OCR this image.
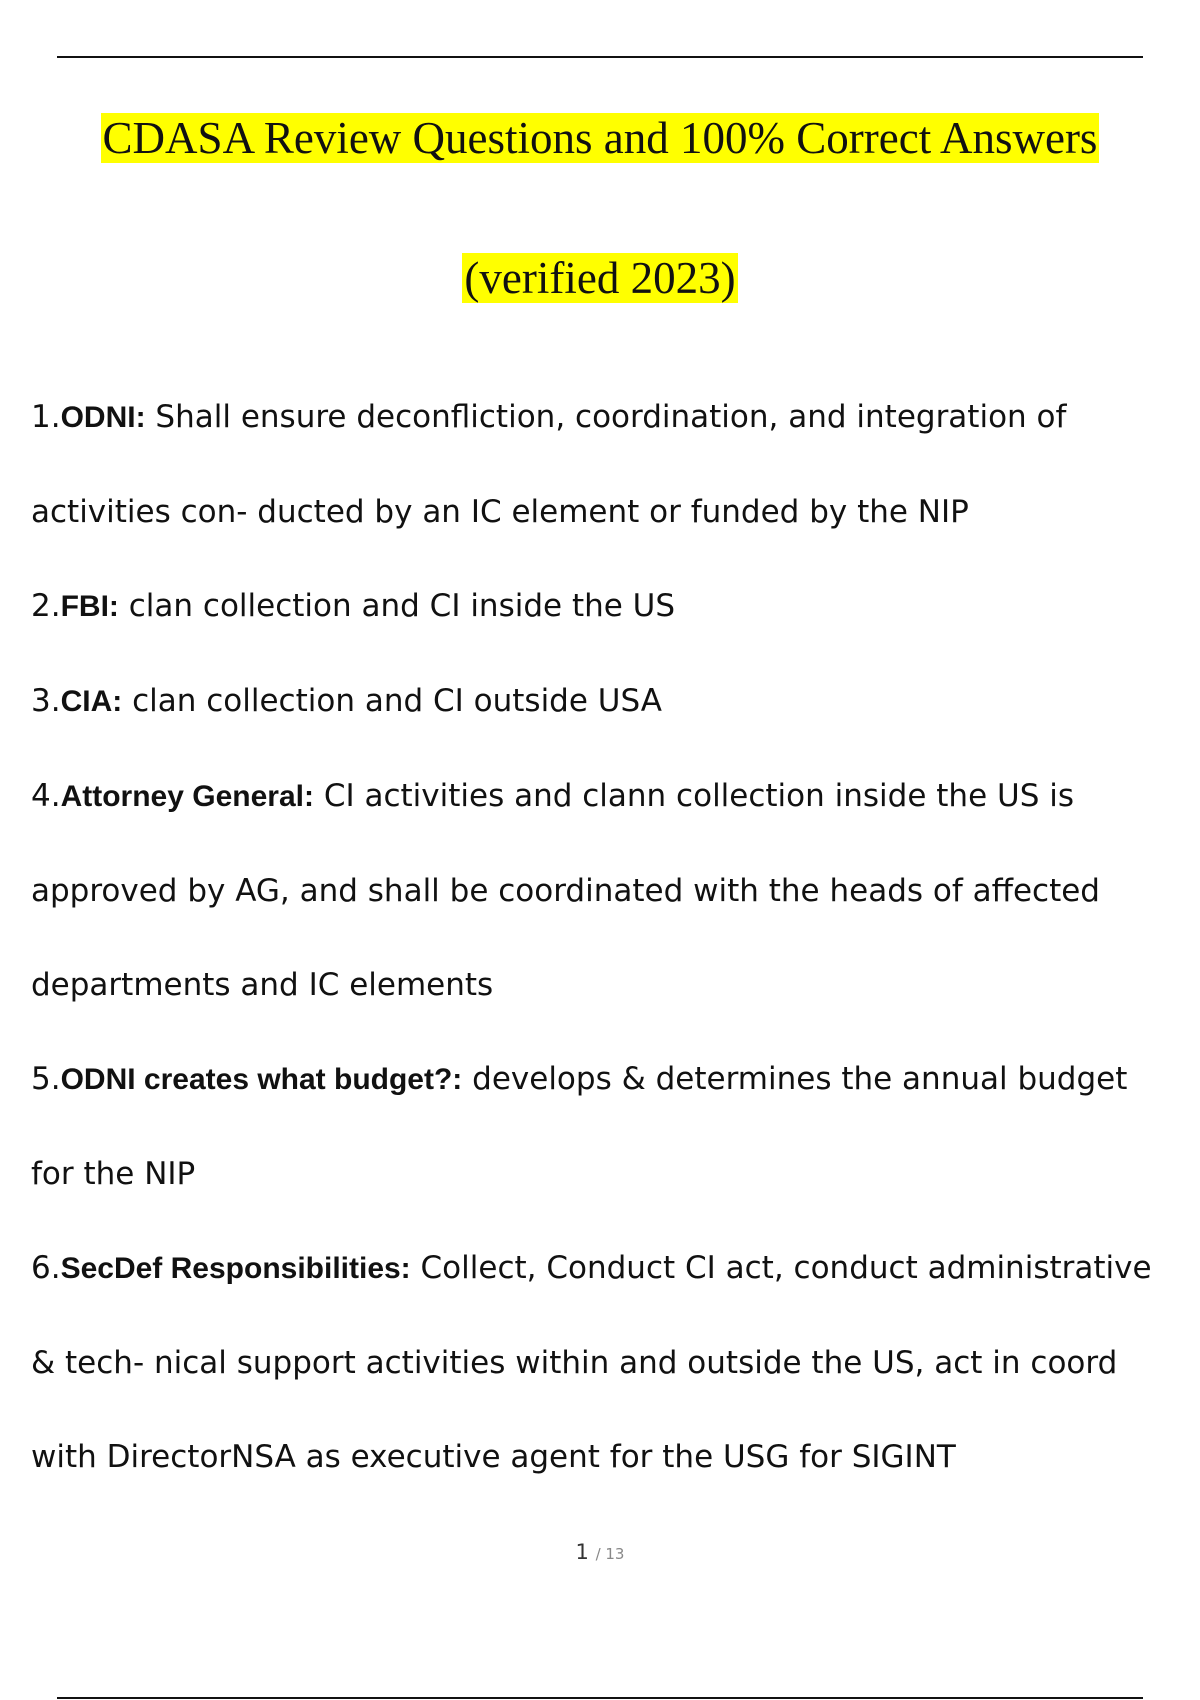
CDASA Review Questions and 100% Correct Answers
(verified 2023)
1.ODNI: Shall ensure deconfliction, coordination, and integration of
activities con- ducted by an IC element or funded by the NIP
2.FBI: clan collection and CI inside the US
3.CIA: clan collection and CI outside USA
4.Attorney General: CI activities and clann collection inside the US is
approved by AG, and shall be coordinated with the heads of affected
departments and IC elements
5.ODNI creates what budget?: develops & determines the annual budget
for the NIP
6.SecDef Responsibilities: Collect, Conduct CI act, conduct administrative
& tech- nical support activities within and outside the US, act in coord
with DirectorNSA as executive agent for the USG for SIGINT
1 / 13
